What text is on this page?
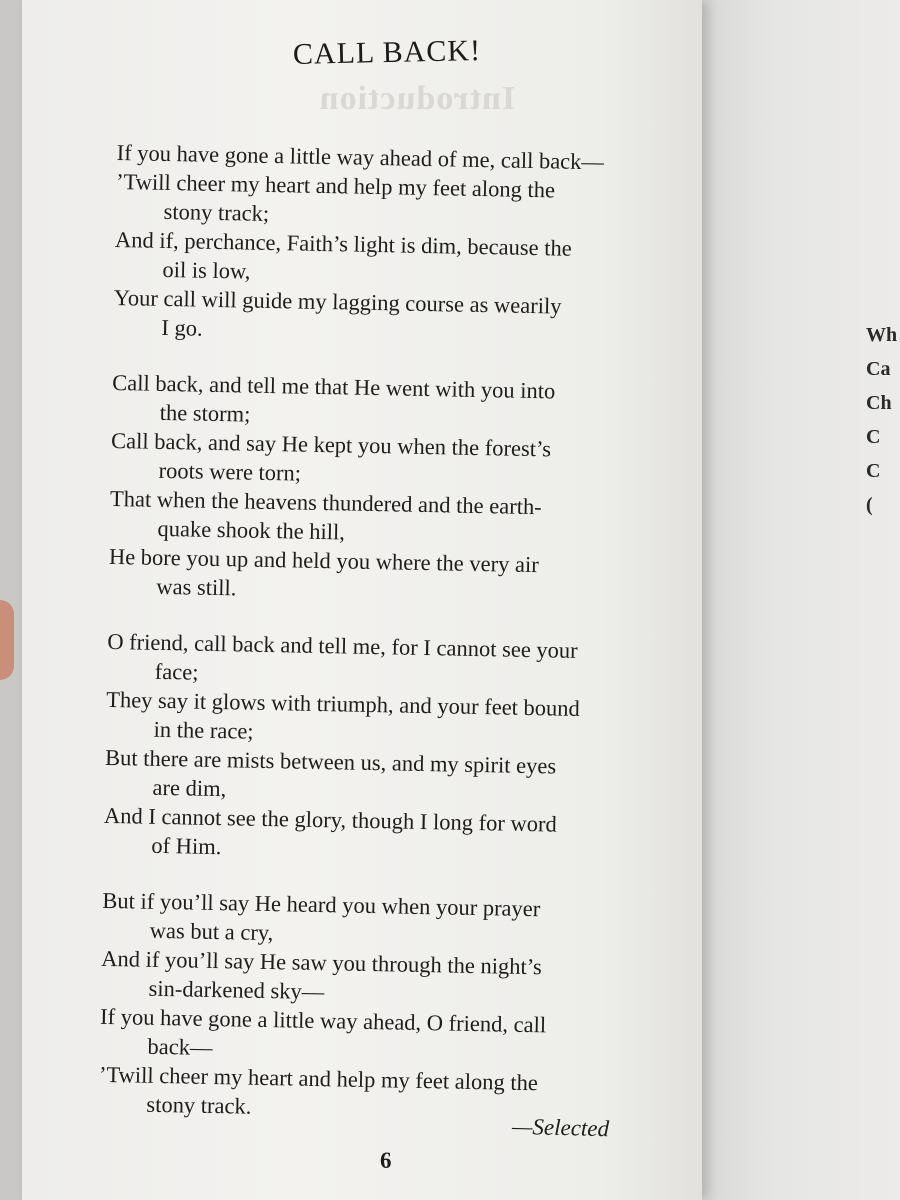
Wh
Ca
Ch
C
C
(
Introduction
CALL BACK!
If you have gone a little way ahead of me, call back—
’Twill cheer my heart and help my feet along the
stony track;
And if, perchance, Faith’s light is dim, because the
oil is low,
Your call will guide my lagging course as wearily
I go.
Call back, and tell me that He went with you into
the storm;
Call back, and say He kept you when the forest’s
roots were torn;
That when the heavens thundered and the earth-
quake shook the hill,
He bore you up and held you where the very air
was still.
O friend, call back and tell me, for I cannot see your
face;
They say it glows with triumph, and your feet bound
in the race;
But there are mists between us, and my spirit eyes
are dim,
And I cannot see the glory, though I long for word
of Him.
But if you’ll say He heard you when your prayer
was but a cry,
And if you’ll say He saw you through the night’s
sin-darkened sky—
If you have gone a little way ahead, O friend, call
back—
’Twill cheer my heart and help my feet along the
stony track.
—Selected
6
